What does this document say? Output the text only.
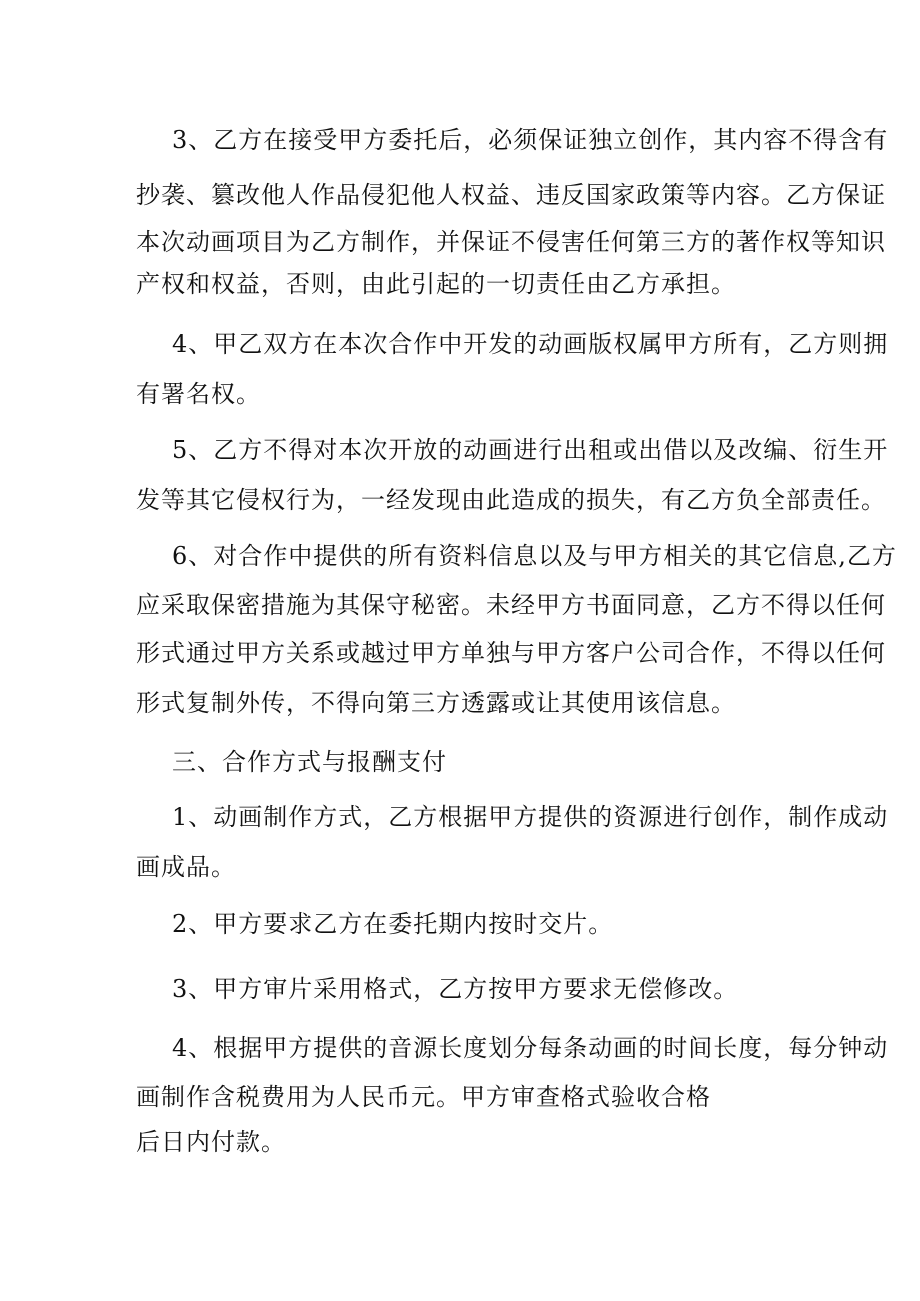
3、乙方在接受甲方委托后，必须保证独立创作，其内容不得含有

抄袭、篡改他人作品侵犯他人权益、违反国家政策等内容。乙方保证

本次动画项目为乙方制作，并保证不侵害任何第三方的著作权等知识

产权和权益，否则，由此引起的一切责任由乙方承担。

4、甲乙双方在本次合作中开发的动画版权属甲方所有，乙方则拥

有署名权。

5、乙方不得对本次开放的动画进行出租或出借以及改编、衍生开

发等其它侵权行为，一经发现由此造成的损失，有乙方负全部责任。

6、对合作中提供的所有资料信息以及与甲方相关的其它信息,乙方

应采取保密措施为其保守秘密。未经甲方书面同意，乙方不得以任何

形式通过甲方关系或越过甲方单独与甲方客户公司合作，不得以任何

形式复制外传，不得向第三方透露或让其使用该信息。

三、合作方式与报酬支付

1、动画制作方式，乙方根据甲方提供的资源进行创作，制作成动

画成品。

2、甲方要求乙方在委托期内按时交片。

3、甲方审片采用格式，乙方按甲方要求无偿修改。

4、根据甲方提供的音源长度划分每条动画的时间长度，每分钟动

画制作含税费用为人民币元。甲方审查格式验收合格

后日内付款。
